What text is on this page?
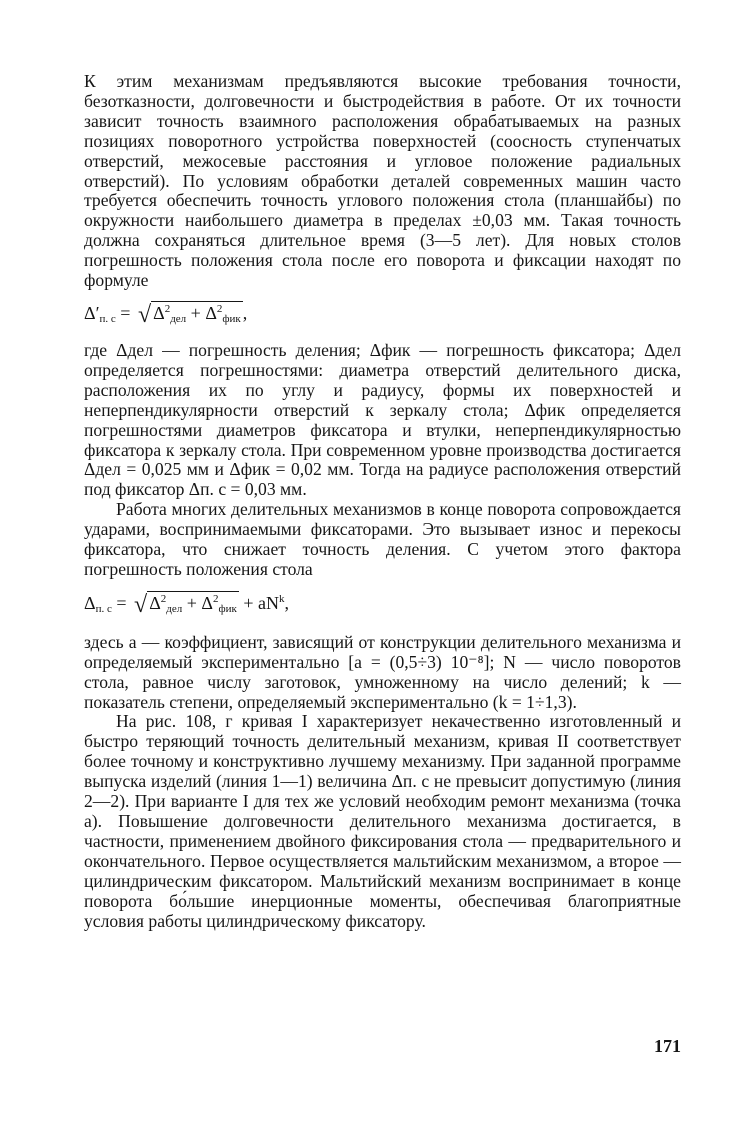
К этим механизмам предъявляются высокие требования точности, безотказности, долговечности и быстродействия в работе. От их точности зависит точность взаимного расположения обрабатываемых на разных позициях поворотного устройства поверхностей (соосность ступенчатых отверстий, межосевые расстояния и угловое положение радиальных отверстий). По условиям обработки деталей современных машин часто требуется обеспечить точность углового положения стола (планшайбы) по окружности наибольшего диаметра в пределах ±0,03 мм. Такая точность должна сохраняться длительное время (3—5 лет). Для новых столов погрешность положения стола после его поворота и фиксации находят по формуле

$\Delta'_{п. с}$ = √ $\Delta^2_{дел} + \Delta^2_{фик}$ ,

где Δдел — погрешность деления; Δфик — погрешность фиксатора; Δдел определяется погрешностями: диаметра отверстий делительного диска, расположения их по углу и радиусу, формы их поверхностей и неперпендикулярности отверстий к зеркалу стола; Δфик определяется погрешностями диаметров фиксатора и втулки, неперпендикулярностью фиксатора к зеркалу стола. При современном уровне производства достигается Δдел = 0,025 мм и Δфик = 0,02 мм. Тогда на радиусе расположения отверстий под фиксатор Δп. с = 0,03 мм.

Работа многих делительных механизмов в конце поворота сопровождается ударами, воспринимаемыми фиксаторами. Это вызывает износ и перекосы фиксатора, что снижает точность деления. С учетом этого фактора погрешность положения стола

$\Delta_{п. с}$ = √ $\Delta^2_{дел} + \Delta^2_{фик} + aN^k$,

здесь a — коэффициент, зависящий от конструкции делительного механизма и определяемый экспериментально [a = (0,5÷3) 10⁻⁸]; N — число поворотов стола, равное числу заготовок, умноженному на число делений; k — показатель степени, определяемый экспериментально (k = 1÷1,3).

На рис. 108, г кривая I характеризует некачественно изготовленный и быстро теряющий точность делительный механизм, кривая II соответствует более точному и конструктивно лучшему механизму. При заданной программе выпуска изделий (линия 1—1) величина Δп. с не превысит допустимую (линия 2—2). При варианте I для тех же условий необходим ремонт механизма (точка а). Повышение долговечности делительного механизма достигается, в частности, применением двойного фиксирования стола — предварительного и окончательного. Первое осуществляется мальтийским механизмом, а второе — цилиндрическим фиксатором. Мальтийский механизм воспринимает в конце поворота бо́льшие инерционные моменты, обеспечивая благоприятные условия работы цилиндрическому фиксатору.

171
